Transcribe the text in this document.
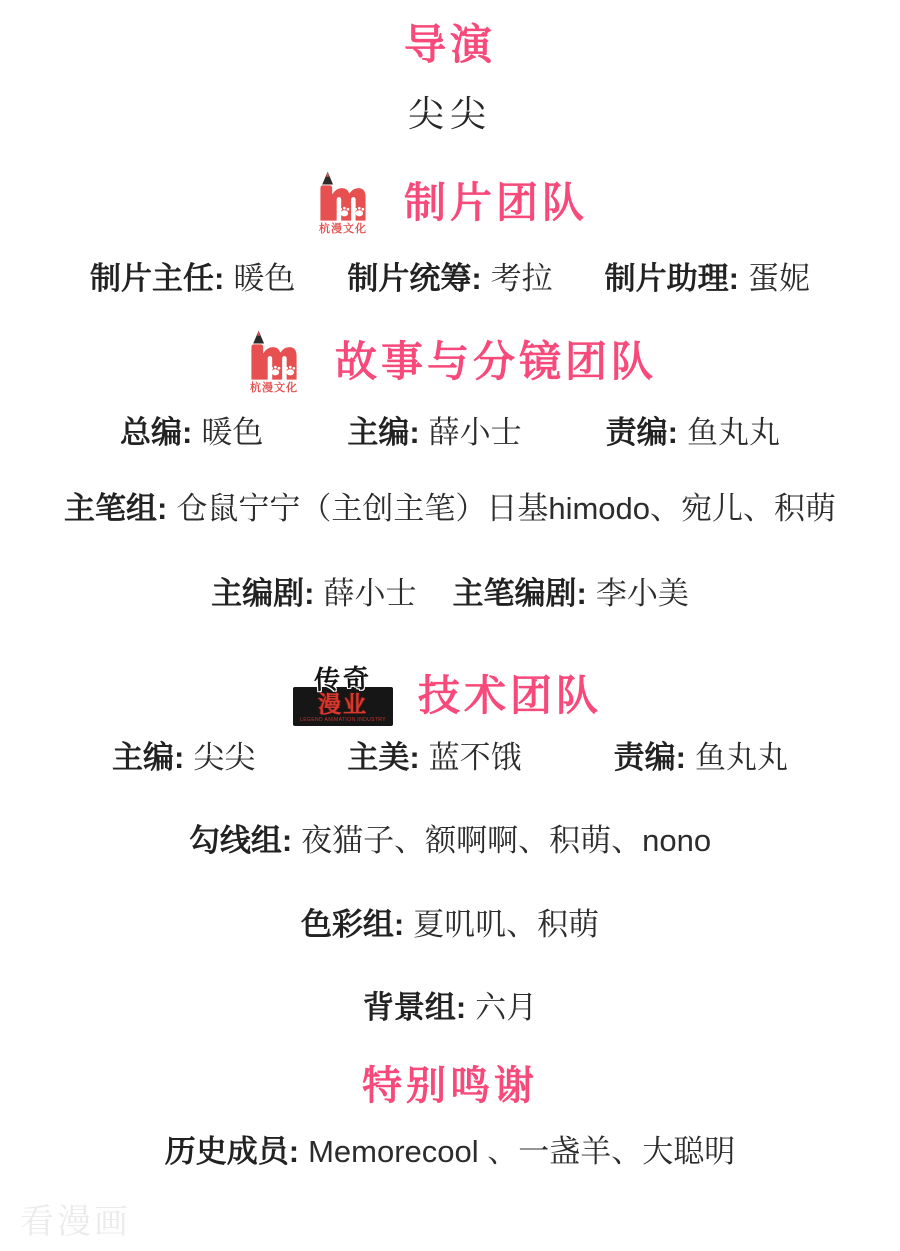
导演
尖尖
杭漫文化
制片团队
制片主任: 暖色 制片统筹: 考拉 制片助理: 蛋妮
杭漫文化
故事与分镜团队
总编: 暖色	主编: 薛小士	责编: 鱼丸丸
主笔组: 仓鼠宁宁（主创主笔）日基himodo、宛儿、积萌
主编剧: 薛小士 主笔编剧: 李小美
传奇
漫业
LEGEND ANIMATION INDUSTRY
技术团队
主编: 尖尖	主美: 蓝不饿	责编: 鱼丸丸
勾线组: 夜猫子、额啊啊、积萌、nono
色彩组: 夏叽叽、积萌
背景组: 六月
特别鸣谢
历史成员: Memorecool 、一盏羊、大聪明
看漫画
